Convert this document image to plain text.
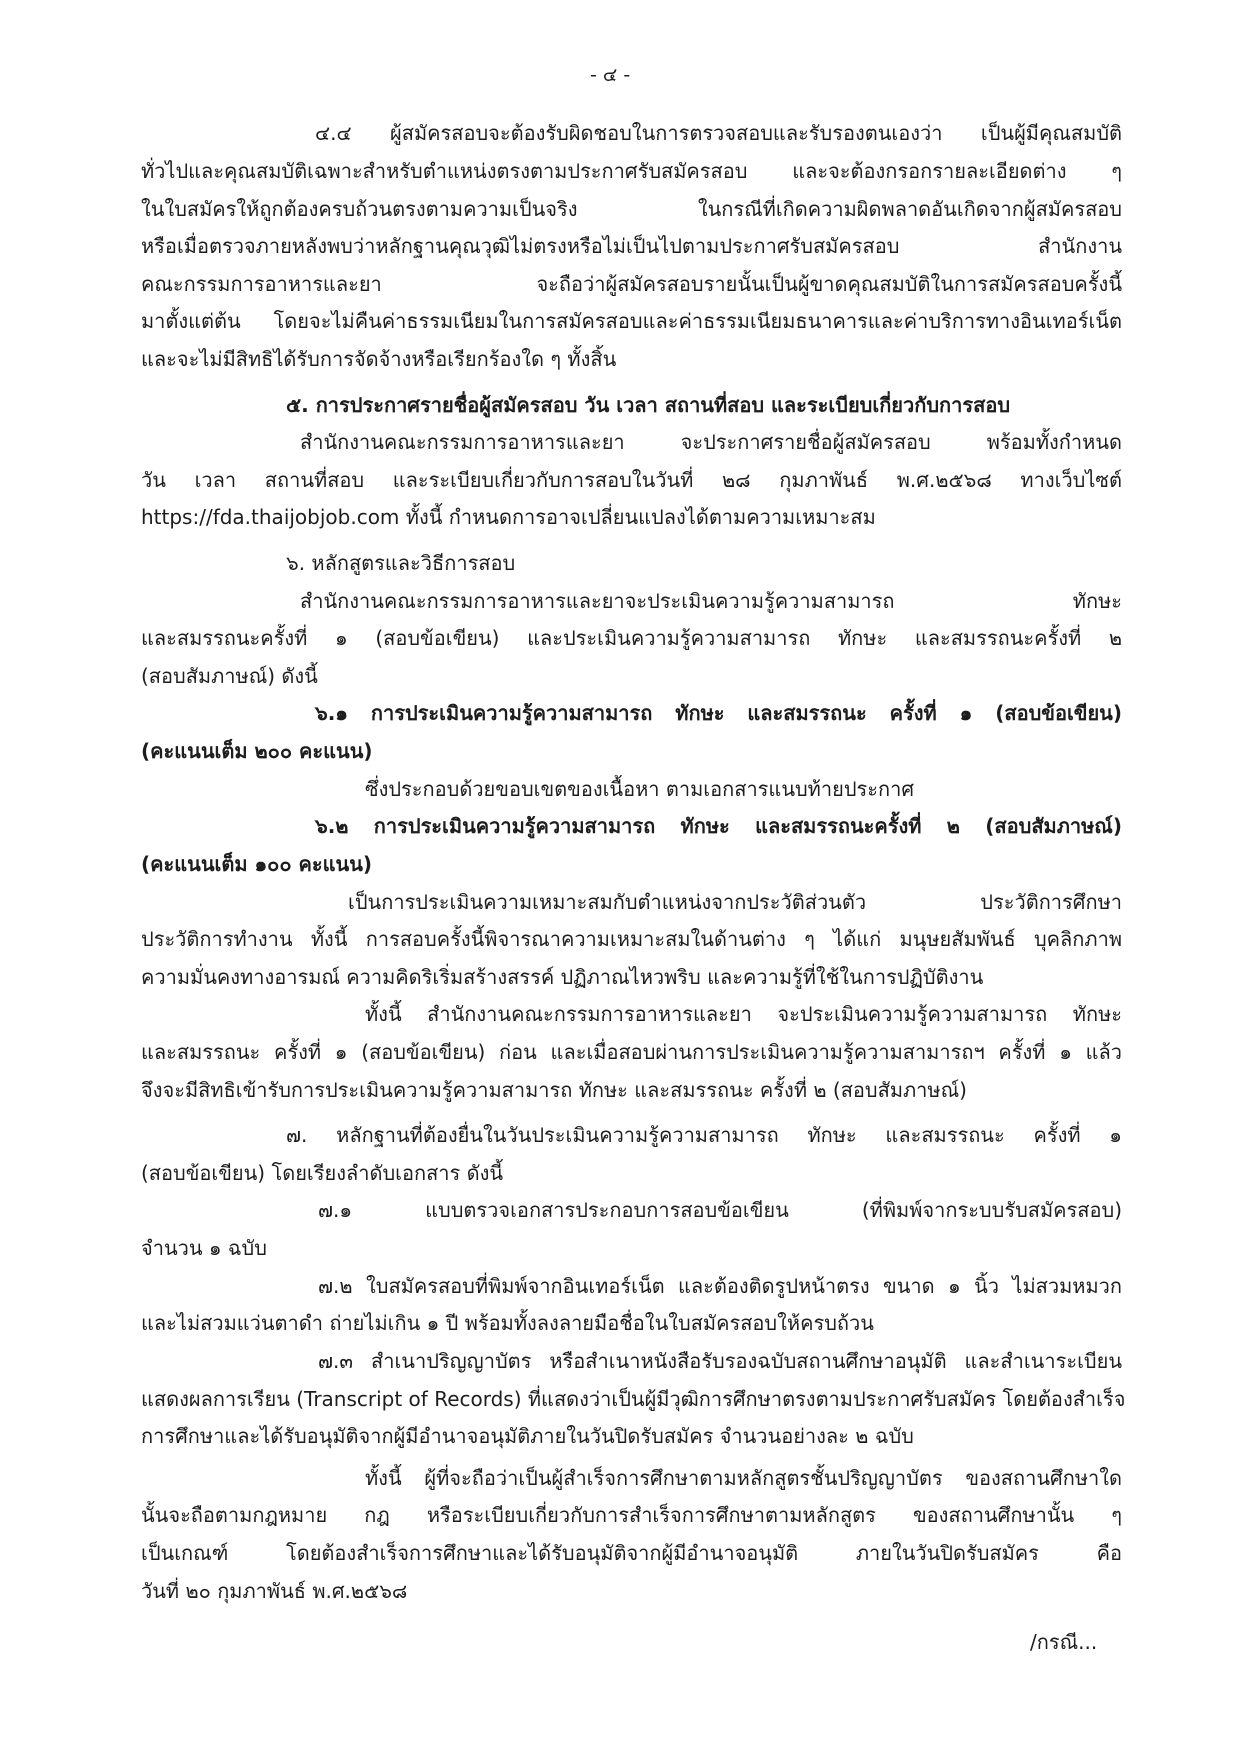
- ๔ -
๔.๔ ผู้สมัครสอบจะต้องรับผิดชอบในการตรวจสอบและรับรองตนเองว่า เป็นผู้มีคุณสมบัติ
ทั่วไปและคุณสมบัติเฉพาะสำหรับตำแหน่งตรงตามประกาศรับสมัครสอบ และจะต้องกรอกรายละเอียดต่าง ๆ
ในใบสมัครให้ถูกต้องครบถ้วนตรงตามความเป็นจริง ในกรณีที่เกิดความผิดพลาดอันเกิดจากผู้สมัครสอบ
หรือเมื่อตรวจภายหลังพบว่าหลักฐานคุณวุฒิไม่ตรงหรือไม่เป็นไปตามประกาศรับสมัครสอบ สำนักงาน
คณะกรรมการอาหารและยา จะถือว่าผู้สมัครสอบรายนั้นเป็นผู้ขาดคุณสมบัติในการสมัครสอบครั้งนี้
มาตั้งแต่ต้น โดยจะไม่คืนค่าธรรมเนียมในการสมัครสอบและค่าธรรมเนียมธนาคารและค่าบริการทางอินเทอร์เน็ต
และจะไม่มีสิทธิได้รับการจัดจ้างหรือเรียกร้องใด ๆ ทั้งสิ้น
๕. การประกาศรายชื่อผู้สมัครสอบ วัน เวลา สถานที่สอบ และระเบียบเกี่ยวกับการสอบ
สำนักงานคณะกรรมการอาหารและยา จะประกาศรายชื่อผู้สมัครสอบ พร้อมทั้งกำหนด
วัน เวลา สถานที่สอบ และระเบียบเกี่ยวกับการสอบในวันที่ ๒๘ กุมภาพันธ์ พ.ศ.๒๕๖๘ ทางเว็บไซต์
https://fda.thaijobjob.com ทั้งนี้ กำหนดการอาจเปลี่ยนแปลงได้ตามความเหมาะสม
๖. หลักสูตรและวิธีการสอบ
สำนักงานคณะกรรมการอาหารและยาจะประเมินความรู้ความสามารถ ทักษะ
และสมรรถนะครั้งที่ ๑ (สอบข้อเขียน) และประเมินความรู้ความสามารถ ทักษะ และสมรรถนะครั้งที่ ๒
(สอบสัมภาษณ์) ดังนี้
๖.๑ การประเมินความรู้ความสามารถ ทักษะ และสมรรถนะ ครั้งที่ ๑ (สอบข้อเขียน)
(คะแนนเต็ม ๒๐๐ คะแนน)
ซึ่งประกอบด้วยขอบเขตของเนื้อหา ตามเอกสารแนบท้ายประกาศ
๖.๒ การประเมินความรู้ความสามารถ ทักษะ และสมรรถนะครั้งที่ ๒ (สอบสัมภาษณ์)
(คะแนนเต็ม ๑๐๐ คะแนน)
เป็นการประเมินความเหมาะสมกับตำแหน่งจากประวัติส่วนตัว ประวัติการศึกษา
ประวัติการทำงาน ทั้งนี้ การสอบครั้งนี้พิจารณาความเหมาะสมในด้านต่าง ๆ ได้แก่ มนุษยสัมพันธ์ บุคลิกภาพ
ความมั่นคงทางอารมณ์ ความคิดริเริ่มสร้างสรรค์ ปฏิภาณไหวพริบ และความรู้ที่ใช้ในการปฏิบัติงาน
ทั้งนี้ สำนักงานคณะกรรมการอาหารและยา จะประเมินความรู้ความสามารถ ทักษะ
และสมรรถนะ ครั้งที่ ๑ (สอบข้อเขียน) ก่อน และเมื่อสอบผ่านการประเมินความรู้ความสามารถฯ ครั้งที่ ๑ แล้ว
จึงจะมีสิทธิเข้ารับการประเมินความรู้ความสามารถ ทักษะ และสมรรถนะ ครั้งที่ ๒ (สอบสัมภาษณ์)
๗. หลักฐานที่ต้องยื่นในวันประเมินความรู้ความสามารถ ทักษะ และสมรรถนะ ครั้งที่ ๑
(สอบข้อเขียน) โดยเรียงลำดับเอกสาร ดังนี้
๗.๑ แบบตรวจเอกสารประกอบการสอบข้อเขียน (ที่พิมพ์จากระบบรับสมัครสอบ)
จำนวน ๑ ฉบับ
๗.๒ ใบสมัครสอบที่พิมพ์จากอินเทอร์เน็ต และต้องติดรูปหน้าตรง ขนาด ๑ นิ้ว ไม่สวมหมวก
และไม่สวมแว่นตาดำ ถ่ายไม่เกิน ๑ ปี พร้อมทั้งลงลายมือชื่อในใบสมัครสอบให้ครบถ้วน
๗.๓ สำเนาปริญญาบัตร หรือสำเนาหนังสือรับรองฉบับสถานศึกษาอนุมัติ และสำเนาระเบียน
แสดงผลการเรียน (Transcript of Records) ที่แสดงว่าเป็นผู้มีวุฒิการศึกษาตรงตามประกาศรับสมัคร โดยต้องสำเร็จ
การศึกษาและได้รับอนุมัติจากผู้มีอำนาจอนุมัติภายในวันปิดรับสมัคร จำนวนอย่างละ ๒ ฉบับ
ทั้งนี้ ผู้ที่จะถือว่าเป็นผู้สำเร็จการศึกษาตามหลักสูตรชั้นปริญญาบัตร ของสถานศึกษาใด
นั้นจะถือตามกฎหมาย กฎ หรือระเบียบเกี่ยวกับการสำเร็จการศึกษาตามหลักสูตร ของสถานศึกษานั้น ๆ
เป็นเกณฑ์ โดยต้องสำเร็จการศึกษาและได้รับอนุมัติจากผู้มีอำนาจอนุมัติ ภายในวันปิดรับสมัคร คือ
วันที่ ๒๐ กุมภาพันธ์ พ.ศ.๒๕๖๘
/กรณี...
